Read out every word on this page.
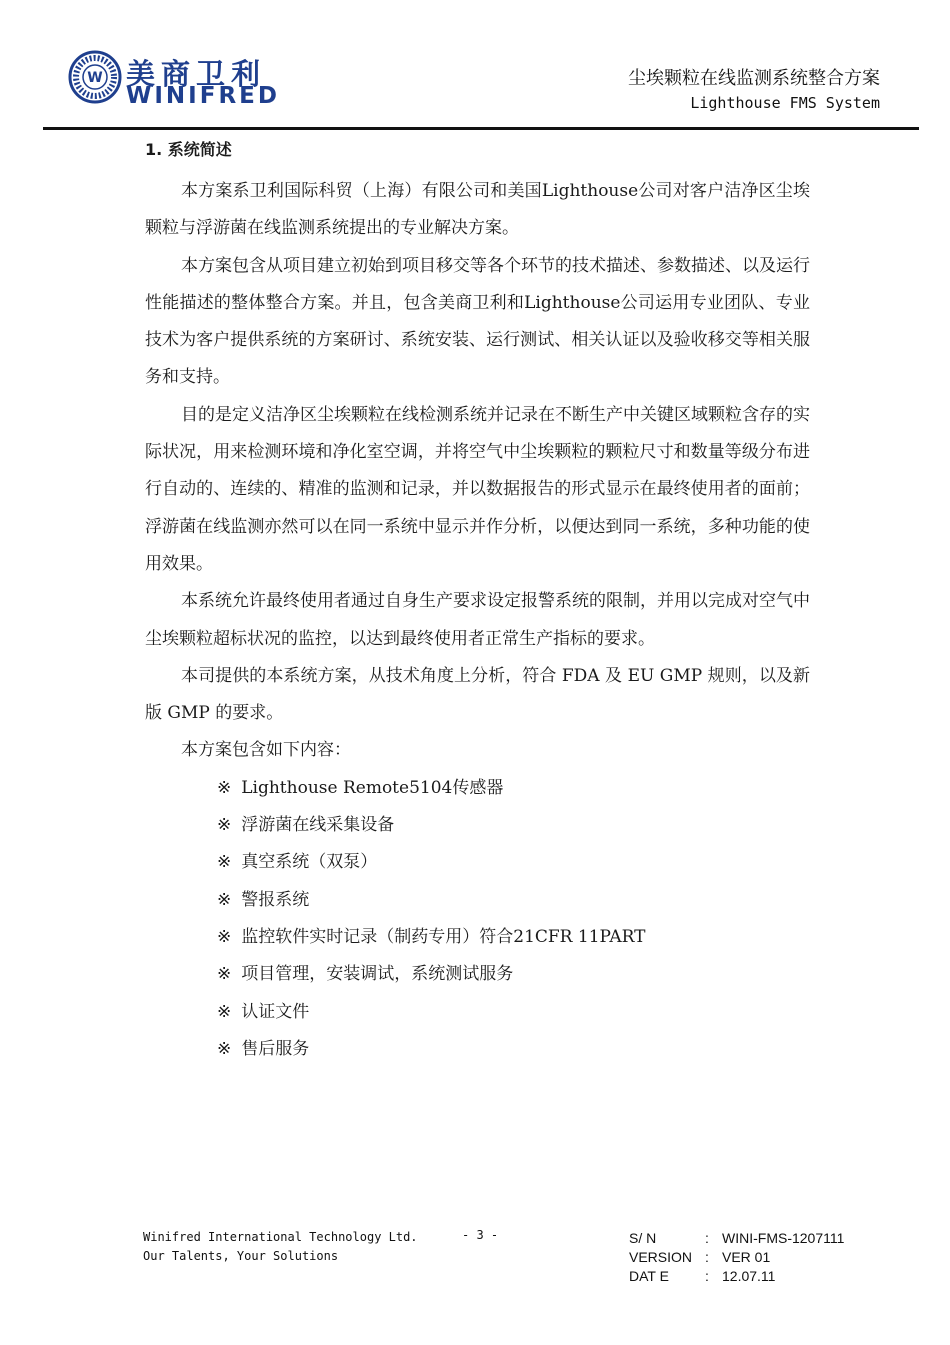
W 美商卫利
WINIFRED
尘埃颗粒在线监测系统整合方案
Lighthouse FMS System
1. 系统简述

本方案系卫利国际科贸（上海）有限公司和美国Lighthouse公司对客户洁净区尘埃颗粒与浮游菌在线监测系统提出的专业解决方案。

本方案包含从项目建立初始到项目移交等各个环节的技术描述、参数描述、以及运行性能描述的整体整合方案。并且，包含美商卫利和Lighthouse公司运用专业团队、专业技术为客户提供系统的方案研讨、系统安装、运行测试、相关认证以及验收移交等相关服务和支持。

目的是定义洁净区尘埃颗粒在线检测系统并记录在不断生产中关键区域颗粒含存的实际状况，用来检测环境和净化室空调，并将空气中尘埃颗粒的颗粒尺寸和数量等级分布进行自动的、连续的、精准的监测和记录，并以数据报告的形式显示在最终使用者的面前；浮游菌在线监测亦然可以在同一系统中显示并作分析，以便达到同一系统，多种功能的使用效果。

本系统允许最终使用者通过自身生产要求设定报警系统的限制，并用以完成对空气中尘埃颗粒超标状况的监控，以达到最终使用者正常生产指标的要求。

本司提供的本系统方案，从技术角度上分析，符合 FDA 及 EU GMP 规则，以及新版 GMP 的要求。

本方案包含如下内容：

※ Lighthouse Remote5104传感器
※ 浮游菌在线采集设备
※ 真空系统（双泵）
※ 警报系统
※ 监控软件实时记录（制药专用）符合21CFR 11PART
※ 项目管理，安装调试，系统测试服务
※ 认证文件
※ 售后服务
Winifred International Technology Ltd.
Our Talents, Your Solutions
- 3 -	S/ N	: WINI-FMS-1207111
VERSION : VER 01
DAT E	: 12.07.11
